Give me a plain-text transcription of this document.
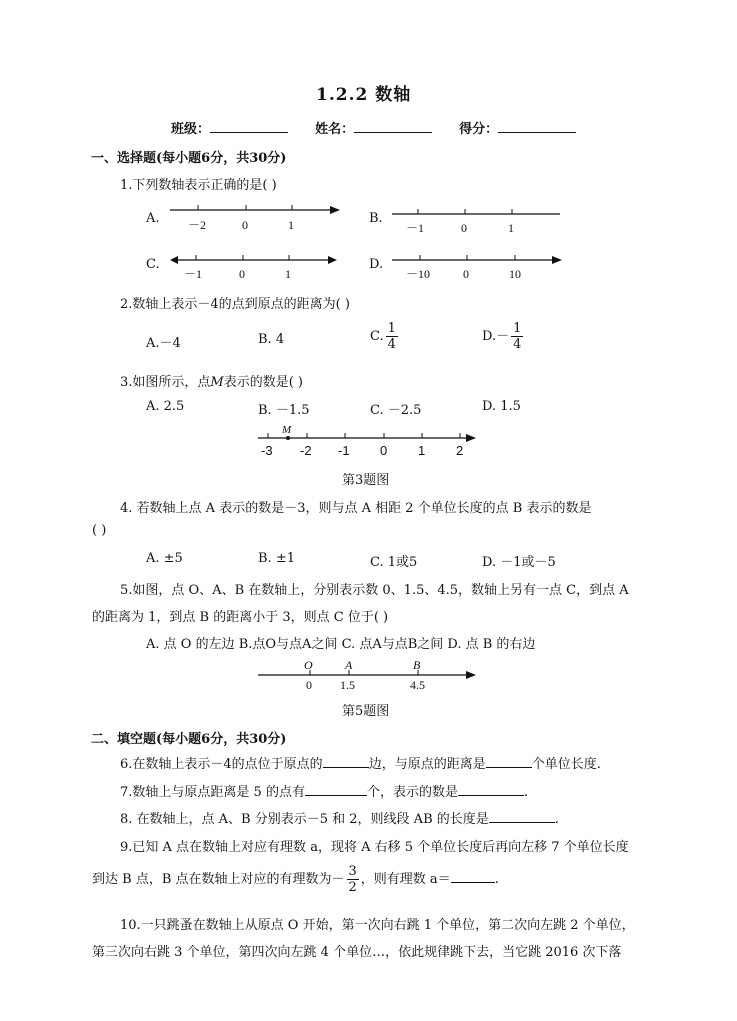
1.2.2 数轴
班级：	姓名：	得分：
一、选择题(每小题6分，共30分)
1.下列数轴表示正确的是( )
A. －2	0	1	B.
－1	0	1
C.
－1	0	1
D.
－10	0	10
2.数轴上表示－4的点到原点的距离为( )
A.－4	B. 4	C. $\frac{1}{4}$	$D.- \frac{1}{4}$
3.如图所示，点M表示的数是( )
A. 2.5	B. －1.5	C. －2.5	D. 1.5
M
-3 -2 -1 0 1 2
第3题图
4. 若数轴上点 A 表示的数是－3，则与点 A 相距 2 个单位长度的点 B 表示的数是
( )
A. ±5	B. ±1	C. 1或5	D. －1或－5
5.如图，点 O、A、B 在数轴上，分别表示数 0、1.5、4.5，数轴上另有一点 C，到点 A
的距离为 1，到点 B 的距离小于 3，则点 C 位于( )
A. 点 O 的左边 B.点O与点A之间 C. 点A与点B之间 D. 点 B 的右边
O	A	B
0 1.5	4.5
第5题图
二、填空题(每小题6分，共30分)
6.在数轴上表示－4的点位于原点的	边，与原点的距离是	个单位长度.
7.数轴上与原点距离是 5 的点有	个，表示的数是	.
8. 在数轴上，点 A、B 分别表示－5 和 2，则线段 AB 的长度是	.
9.已知 A 点在数轴上对应有理数 a，现将 A 右移 5 个单位长度后再向左移 7 个单位长度
到达 B 点，B 点在数轴上对应的有理数为－ $\frac{3}{2}$ ，则有理数 a＝	.
10.一只跳蚤在数轴上从原点 O 开始，第一次向右跳 1 个单位，第二次向左跳 2 个单位，
第三次向右跳 3 个单位，第四次向左跳 4 个单位…，依此规律跳下去，当它跳 2016 次下落
